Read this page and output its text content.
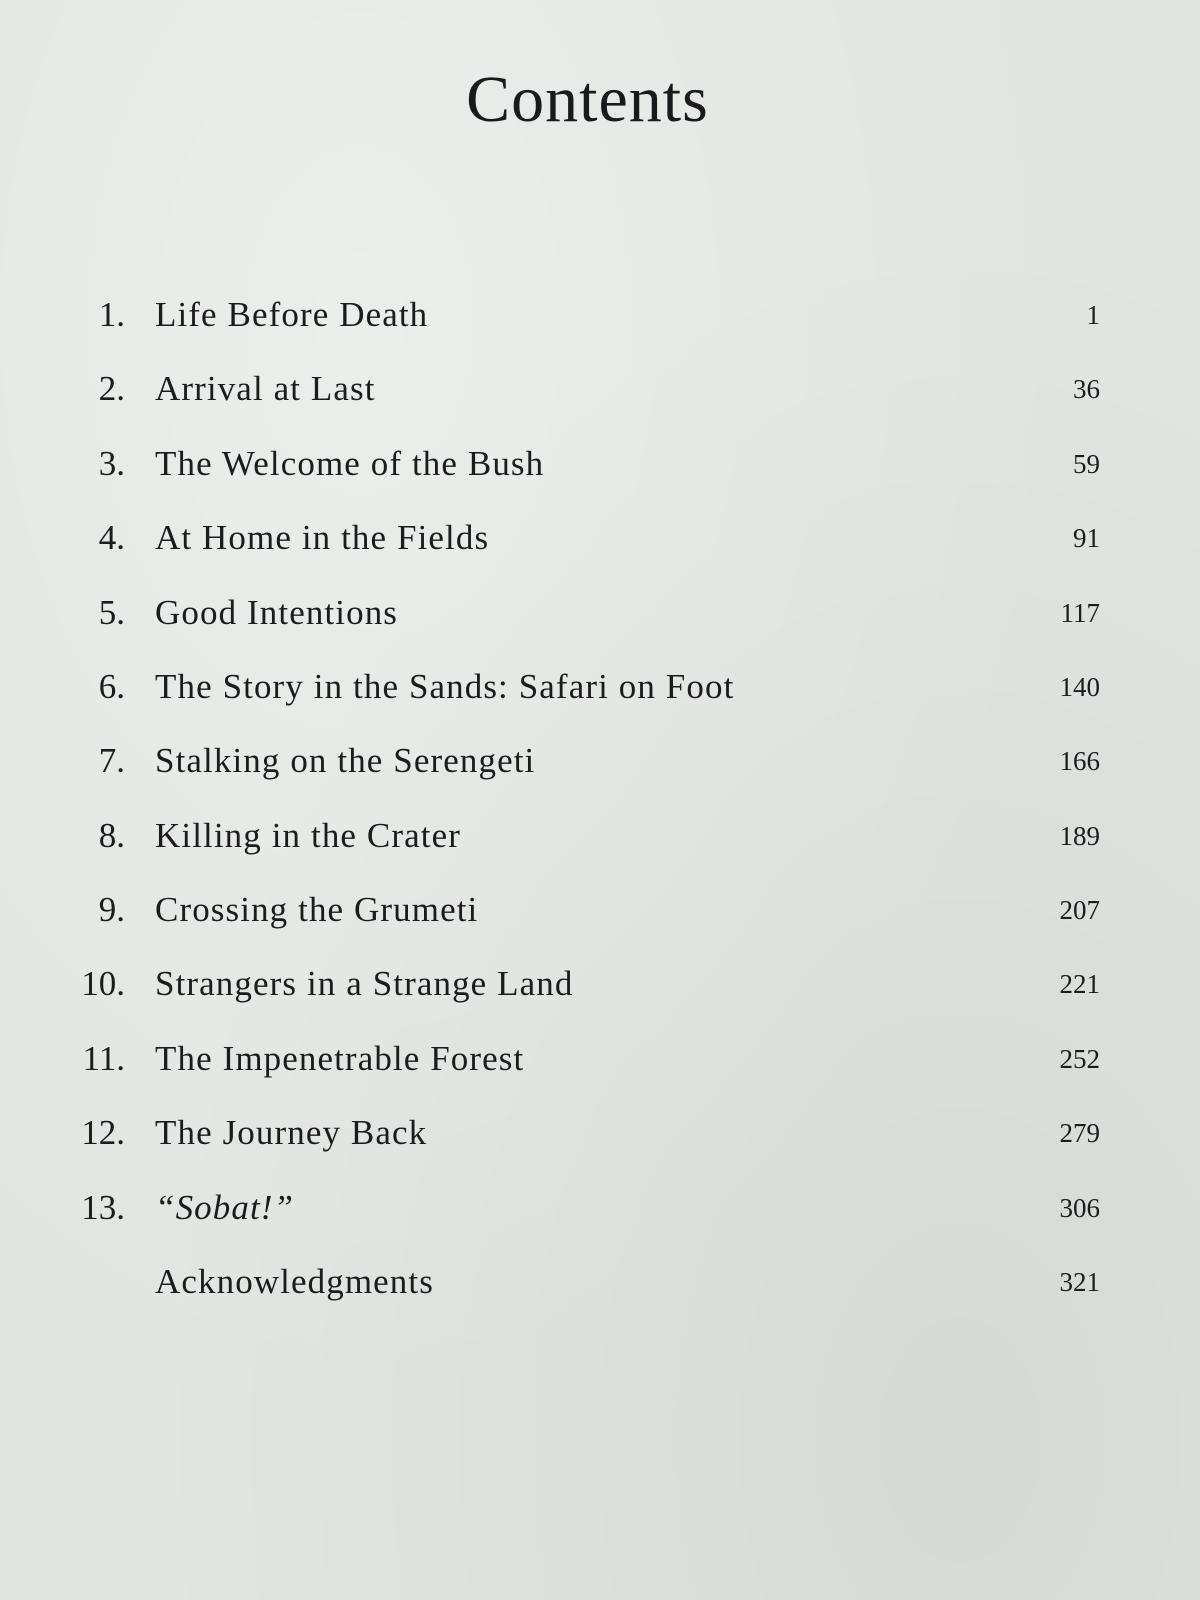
Contents
1. Life Before Death	1
2. Arrival at Last	36
3. The Welcome of the Bush	59
4. At Home in the Fields	91
5. Good Intentions	117
6. The Story in the Sands: Safari on Foot	140
7. Stalking on the Serengeti	166
8. Killing in the Crater	189
9. Crossing the Grumeti	207
10. Strangers in a Strange Land	221
11. The Impenetrable Forest	252
12. The Journey Back	279
13. “Sobat!”	306
Acknowledgments	321
